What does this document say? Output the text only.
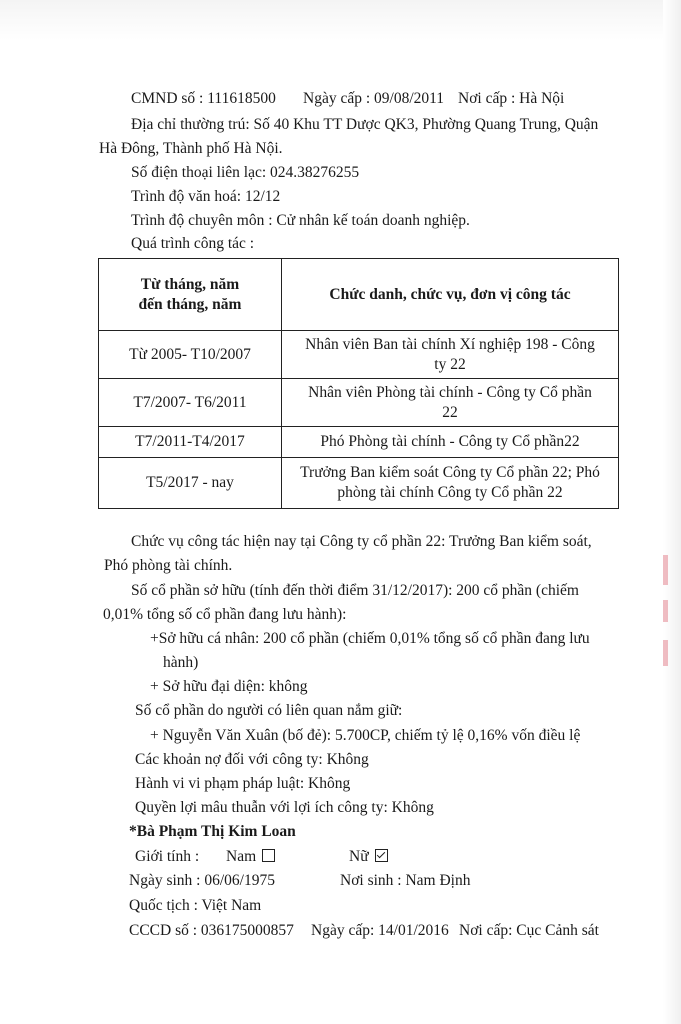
CMND số : 111618500 Ngày cấp : 09/08/2011 Nơi cấp : Hà Nội
Địa chỉ thường trú: Số 40 Khu TT Dược QK3, Phường Quang Trung, Quận
Hà Đông, Thành phố Hà Nội.
Số điện thoại liên lạc: 024.38276255
Trình độ văn hoá: 12/12
Trình độ chuyên môn : Cử nhân kế toán doanh nghiệp.
Quá trình công tác :
Từ tháng, năm
đến tháng, năm	Chức danh, chức vụ, đơn vị công tác
Từ 2005- T10/2007	Nhân viên Ban tài chính Xí nghiệp 198 - Công
ty 22

T7/2007- T6/2011	Nhân viên Phòng tài chính - Công ty Cổ phần
22

T7/2011-T4/2017	Phó Phòng tài chính - Công ty Cổ phần22

T5/2017 - nay	Trưởng Ban kiểm soát Công ty Cổ phần 22; Phó
phòng tài chính Công ty Cổ phần 22
Chức vụ công tác hiện nay tại Công ty cổ phần 22: Trưởng Ban kiểm soát,
Phó phòng tài chính.
Số cổ phần sở hữu (tính đến thời điểm 31/12/2017): 200 cổ phần (chiếm
0,01% tổng số cổ phần đang lưu hành):
+Sở hữu cá nhân: 200 cổ phần (chiếm 0,01% tổng số cổ phần đang lưu
hành)
+ Sở hữu đại diện: không
Số cổ phần do người có liên quan nắm giữ:
+ Nguyễn Văn Xuân (bố đẻ): 5.700CP, chiếm tỷ lệ 0,16% vốn điều lệ
Các khoản nợ đối với công ty: Không
Hành vi vi phạm pháp luật: Không
Quyền lợi mâu thuẫn với lợi ích công ty: Không
*Bà Phạm Thị Kim Loan
Giới tính : Nam	Nữ
Ngày sinh : 06/06/1975	Nơi sinh : Nam Định
Quốc tịch : Việt Nam
CCCD số : 036175000857 Ngày cấp: 14/01/2016 Nơi cấp: Cục Cảnh sát
